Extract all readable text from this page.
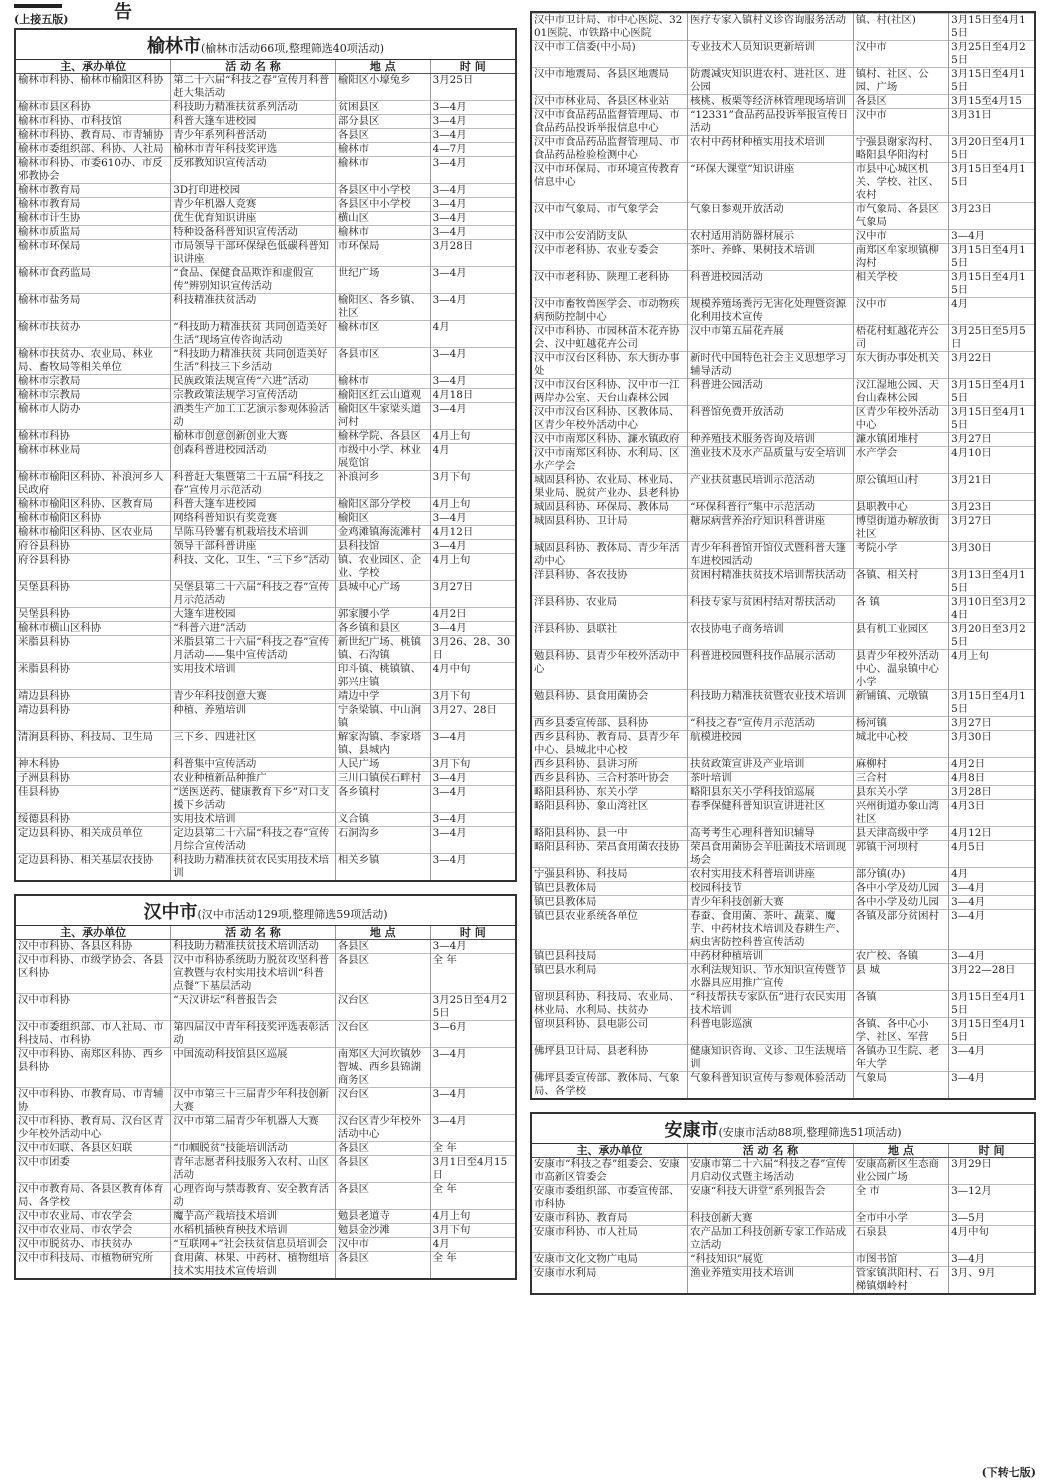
告
(上接五版)
榆林市(榆林市活动66项,整理筛选40项活动)
主、承办单位	活 动 名 称	地 点	时 间
榆林市科协、榆林市榆阳区科协	第二十六届“科技之春”宣传月科普赶大集活动	榆阳区小壕兔乡	3月25日
榆林市县区科协	科技助力精准扶贫系列活动	贫困县区	3—4月
榆林市科协、市科技馆	科普大篷车进校园	部分县区	3—4月
榆林市科协、教育局、市青辅协	青少年系列科普活动	各县区	3—4月
榆林市委组织部、科协、人社局	榆林市青年科技奖评选	榆林市	4—7月
榆林市科协、市委610办、市反邪教协会	反邪教知识宣传活动	榆林市	3—4月
榆林市教育局	3D打印进校园	各县区中小学校	3—4月
榆林市教育局	青少年机器人竞赛	各县区中小学校	3—4月
榆林市计生协	优生优育知识讲座	横山区	3—4月
榆林市质监局	特种设备科普知识宣传活动	榆林市	3—4月
榆林市环保局	市局领导干部环保绿色低碳科普知识讲座	市环保局	3月28日
榆林市食药监局	“食品、保健食品欺诈和虚假宣传”辨别知识宣传活动	世纪广场	3—4月
榆林市盐务局	科技精准扶贫活动	榆阳区、各乡镇、社区	3—4月
榆林市扶贫办	“科技助力精准扶贫 共同创造美好生活”现场宣传咨询活动	榆林市区	4月
榆林市扶贫办、农业局、林业局、畜牧局等相关单位	“科技助力精准扶贫 共同创造美好生活”科技三下乡活动	各县市区	3—4月
榆林市宗教局	民族政策法规宣传“六进”活动	榆林市	3—4月
榆林市宗教局	宗教政策法规学习宣传活动	榆阳区红云山道观	4月18日
榆林市人防办	酒类生产加工工艺演示参观体验活动	榆阳区牛家梁头道河村	3—4月
榆林市科协	榆林市创意创新创业大赛	榆林学院、各县区	4月上旬
榆林市林业局	创森科普进校园活动	市级中小学、林业展览馆	4月
榆林市榆阳区科协、补浪河乡人民政府	科普赶大集暨第二十五届“科技之春”宣传月示范活动	补浪河乡	3月下旬
榆林市榆阳区科协、区教育局	科普大篷车进校园	榆阳区部分学校	4月上旬
榆林市榆阳区科协	网络科普知识有奖竞赛	榆阳区	3—4月
榆林市榆阳区科协、区农业局	旱陈马铃薯有机栽培技术培训	金鸡滩镇海流滩村	4月12日
府谷县科协	领导干部科普讲座	县科技馆	3—4月
府谷县科协	科技、文化、卫生、“三下乡”活动	镇、农业园区、企业、学校	4月上旬
吴堡县科协	吴堡县第二十六届“科技之春”宣传月示范活动	县城中心广场	3月27日
吴堡县科协	大篷车进校园	郭家腰小学	4月2日
榆林市横山区科协	“科普六进”活动	各乡镇和县区	3—4月
米脂县科协	米脂县第二十六届“科技之春”宣传月活动——集中宣传活动	新世纪广场、桃镇镇、石沟镇	3月26、28、30日
米脂县科协	实用技术培训	印斗镇、桃镇镇、郭兴庄镇	4月中旬
靖边县科协	青少年科技创意大赛	靖边中学	3月下旬
靖边县科协	种植、养殖培训	宁条梁镇、中山涧镇	3月27、28日
清涧县科协、科技局、卫生局	三下乡、四进社区	解家沟镇、李家塔镇、县城内	3—4月
神木科协	科普集中宣传活动	人民广场	3月下旬
子洲县科协	农业种植新品种推广	三川口镇侯石畔村	3—4月
佳县科协	“送医送药、健康教育下乡”对口支援下乡活动	各乡镇村	3—4月
绥德县科协	实用技术培训	义合镇	3—4月
定边县科协、相关成员单位	定边县第二十六届“科技之春”宣传月综合宣传活动	石洞沟乡	3—4月
定边县科协、相关基层农技协	科技助力精准扶贫农民实用技术培训	相关乡镇	3—4月
汉中市(汉中市活动129项,整理筛选59项活动)
主、承办单位	活 动 名 称	地 点	时 间
汉中市科协、各县区科协	科技助力精准扶贫技术培训活动	各县区	3—4月
汉中市科协、市级学协会、各县区科协	汉中市科协系统助力脱贫攻坚科普宣教暨与农村实用技术培训“科普点餐”下基层活动	各县区	全 年
汉中市科协	“天汉讲坛”科普报告会	汉台区	3月25日至4月25日
汉中市委组织部、市人社局、市科技局、市科协	第四届汉中青年科技奖评选表彰活动	汉台区	3—6月
汉中市科协、南郑区科协、西乡县科协	中国流动科技馆县区巡展	南郑区大河坎镇妙智城、西乡县锦湖商务区	3—4月
汉中市科协、市教育局、市青辅协	汉中市第三十三届青少年科技创新大赛	汉台区	3—4月
汉中市科协、教育局、汉台区青少年校外活动中心	汉中市第二届青少年机器人大赛	汉台区青少年校外活动中心	3—4月
汉中市妇联、各县区妇联	“巾帼脱贫”技能培训活动	各县区	全 年
汉中市团委	青年志愿者科技服务入农村、山区活动	各县区	3月1日至4月15日
汉中市教育局、各县区教育体育局、各学校	心理咨询与禁毒教育、安全教育活动	各县区	全 年
汉中市农业局、市农学会	魔芋高产栽培技术培训	勉县老道寺	4月上旬
汉中市农业局、市农学会	水稻机插秧育秧技术培训	勉县金沙滩	3月下旬
汉中市脱贫办、市扶贫办	“互联网+”社会扶贫信息员培训会	汉中市	4月
汉中市科技局、市植物研究所	食用菌、林果、中药材、植物组培技术实用技术宣传培训	各县区	全 年
汉中市卫计局、市中心医院、3201医院、市铁路中心医院	医疗专家入镇村义诊咨询服务活动	镇、村(社区)	3月15日至4月15日
汉中市工信委(中小局)	专业技术人员知识更新培训	汉中市	3月25日至4月25日
汉中市地震局、各县区地震局	防震减灾知识进农村、进社区、进公园	镇村、社区、公园、广场	3月15日至4月15日
汉中市林业局、各县区林业站	核桃、板栗等经济林管理现场培训	各县区	3月15至4月15
汉中市食品药品监督管理局、市食品药品投诉举报信息中心	“12331”食品药品投诉举报宣传日活动	汉中市	3月31日
汉中市食品药品监督管理局、市食品药品检验检测中心	农村中药材种植实用技术培训	宁强县谢家沟村、略阳县华阳沟村	3月20日至4月15日
汉中市环保局、市环境宣传教育信息中心	“环保大课堂”知识讲座	市县中心城区机关、学校、社区、农村	3月15日至4月15日
汉中市气象局、市气象学会	气象日参观开放活动	市气象局、各县区气象局	3月23日
汉中市公安消防支队	农村适用消防器材展示	汉中市	3—4月
汉中市老科协、农业专委会	茶叶、养蜂、果树技术培训	南郑区牟家坝镇柳沟村	3月15日至4月15日
汉中市老科协、陕理工老科协	科普进校园活动	相关学校	3月15日至4月15日
汉中市畜牧兽医学会、市动物疾病预防控制中心	规模养殖场粪污无害化处理暨资源化利用技术宣传	汉中市	4月
汉中市科协、市园林苗木花卉协会、汉中虹越花卉公司	汉中市第五届花卉展	梧花村虹越花卉公司	3月25日至5月5日
汉中市汉台区科协、东大街办事处	新时代中国特色社会主义思想学习辅导活动	东大街办事处机关	3月22日
汉中市汉台区科协、汉中市一江两岸办公室、天台山森林公园	科普进公园活动	汉江湿地公园、天台山森林公园	3月15日至4月15日
汉中市汉台区科协、区教体局、区青少年校外活动中心	科普馆免费开放活动	区青少年校外活动中心	3月15日至4月15日
汉中市南郑区科协、濂水镇政府	种养殖技术服务咨询及培训	濂水镇团堆村	3月27日
汉中市南郑区科协、水利局、区水产学会	渔业技术及水产品质量与安全培训	水产学会	4月10日
城固县科协、农业局、林业局、果业局、脱贫产业办、县老科协	产业扶贫惠民培训示范活动	原公镇垣山村	3月21日
城固县科协、环保局、教体局	“环保科普行”集中示范活动	县职教中心	3月23日
城固县科协、卫计局	糖尿病营养治疗知识科普讲座	博望街道办解放街社区	3月27日
城固县科协、教体局、青少年活动中心	青少年科普馆开馆仪式暨科普大篷车进校园活动	考院小学	3月30日
洋县科协、各农技协	贫困村精准扶贫技术培训帮扶活动	各镇、相关村	3月13日至4月15日
洋县科协、农业局	科技专家与贫困村结对帮扶活动	各 镇	3月10日至3月24日
洋县科协、县联社	农技协电子商务培训	县有机工业园区	3月20日至3月25日
勉县科协、县青少年校外活动中心	科普进校园暨科技作品展示活动	县青少年校外活动中心、温泉镇中心小学	4月上旬
勉县科协、县食用菌协会	科技助力精准扶贫暨农业技术培训	新铺镇、元墩镇	3月15日至4月15日
西乡县委宣传部、县科协	“科技之春”宣传月示范活动	杨河镇	3月27日
西乡县科协、教育局、县青少年中心、县城北中心校	航模进校园	城北中心校	3月30日
西乡县科协、县讲习所	扶贫政策宣讲及产业培训	麻柳村	4月2日
西乡县科协、三合村茶叶协会	茶叶培训	三合村	4月8日
略阳县科协、东关小学	略阳县东关小学科技馆巡展	县东关小学	3月28日
略阳县科协、象山湾社区	春季保健科普知识宣讲进社区	兴州街道办象山湾社区	4月3日
略阳县科协、县一中	高考考生心理科普知识辅导	县天津高级中学	4月12日
略阳县科协、荣昌食用菌农技协	荣昌食用菌协会羊肚菌技术培训现场会	郭镇干河坝村	4月5日
宁强县科协、科技局	农村实用技术科普培训讲座	部分镇(办)	4月
镇巴县教体局	校园科技节	各中小学及幼儿园	3—4月
镇巴县教体局	青少年科技创新大赛	各中小学及幼儿园	3—4月
镇巴县农业系统各单位	春蚕、食用菌、茶叶、蔬菜、魔芋、中药材技术培训及春耕生产、病虫害防控科普宣传活动	各镇及部分贫困村	3—4月
镇巴县科技局	中药材种植培训	农广校、各镇	3—4月
镇巴县水利局	水利法规知识、节水知识宣传暨节水器具应用推广宣传	县 城	3月22—28日
留坝县科协、科技局、农业局、林业局、水利局、扶贫办	“科技帮扶专家队伍”进行农民实用技术培训	各镇	3月15日至4月15日
留坝县科协、县电影公司	科普电影巡演	各镇、各中心小学、社区、军营	3月15日至4月15日
佛坪县卫计局、县老科协	健康知识咨询、义诊、卫生法规培训	各镇办卫生院、老年大学	3—4月
佛坪县委宣传部、教体局、气象局、各学校	气象科普知识宣传与参观体验活动	气象局	3—4月
安康市(安康市活动88项,整理筛选51项活动)
主、承办单位	活 动 名 称	地 点	时 间
安康市“科技之春”组委会、安康市高新区管委会	安康市第二十六届“科技之春”宣传月启动仪式暨主场活动	安康高新区生态商业公园广场	3月29日
安康市委组织部、市委宣传部、市科协	安康“科技大讲堂”系列报告会	全 市	3—12月
安康市科协、教育局	科技创新大赛	全市中小学	3—5月
安康市科协、市人社局	农产品加工科技创新专家工作站成立活动	石泉县	4月中旬
安康市文化文物广电局	“科技知识”展览	市图书馆	3—4月
安康市水利局	渔业养殖实用技术培训	管家镇洪阳村、石梯镇烟岭村	3月、9月
(下转七版)
